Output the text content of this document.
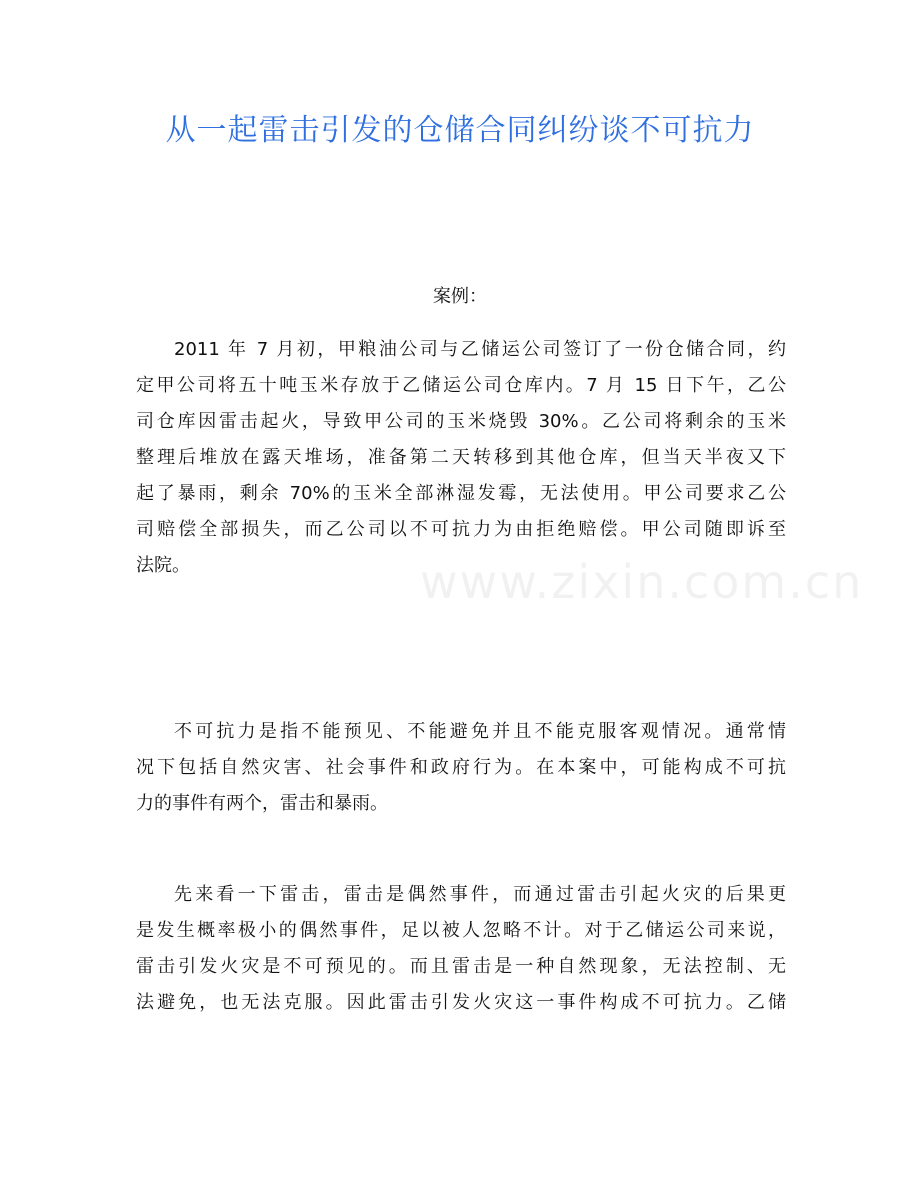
从一起雷击引发的仓储合同纠纷谈不可抗力
案例：
www.zixin.com.cn
2011 年 7 月初，甲粮油公司与乙储运公司签订了一份仓储合同，约
定甲公司将五十吨玉米存放于乙储运公司仓库内。7 月 15 日下午，乙公
司仓库因雷击起火，导致甲公司的玉米烧毁 30%。乙公司将剩余的玉米
整理后堆放在露天堆场，准备第二天转移到其他仓库，但当天半夜又下
起了暴雨，剩余 70%的玉米全部淋湿发霉，无法使用。甲公司要求乙公
司赔偿全部损失，而乙公司以不可抗力为由拒绝赔偿。甲公司随即诉至
法院。
不可抗力是指不能预见、不能避免并且不能克服客观情况。通常情
况下包括自然灾害、社会事件和政府行为。在本案中，可能构成不可抗
力的事件有两个，雷击和暴雨。
先来看一下雷击，雷击是偶然事件，而通过雷击引起火灾的后果更
是发生概率极小的偶然事件，足以被人忽略不计。对于乙储运公司来说，
雷击引发火灾是不可预见的。而且雷击是一种自然现象，无法控制、无
法避免，也无法克服。因此雷击引发火灾这一事件构成不可抗力。乙储
